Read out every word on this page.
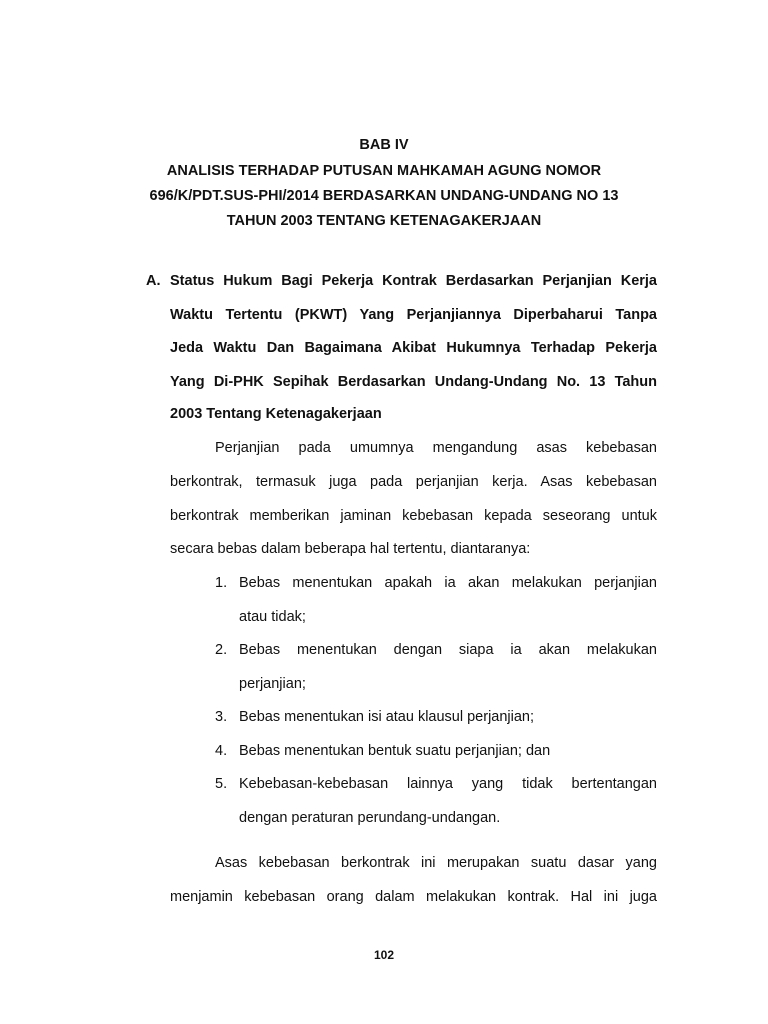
BAB IV
ANALISIS TERHADAP PUTUSAN MAHKAMAH AGUNG NOMOR
696/K/PDT.SUS-PHI/2014 BERDASARKAN UNDANG-UNDANG NO 13
TAHUN 2003 TENTANG KETENAGAKERJAAN
A. Status Hukum Bagi Pekerja Kontrak Berdasarkan Perjanjian Kerja
Waktu Tertentu (PKWT) Yang Perjanjiannya Diperbaharui Tanpa
Jeda Waktu Dan Bagaimana Akibat Hukumnya Terhadap Pekerja
Yang Di-PHK Sepihak Berdasarkan Undang-Undang No. 13 Tahun
2003 Tentang Ketenagakerjaan
Perjanjian pada umumnya mengandung asas kebebasan
berkontrak, termasuk juga pada perjanjian kerja. Asas kebebasan
berkontrak memberikan jaminan kebebasan kepada seseorang untuk
secara bebas dalam beberapa hal tertentu, diantaranya:
1. Bebas menentukan apakah ia akan melakukan perjanjian
atau tidak;
2. Bebas menentukan dengan siapa ia akan melakukan
perjanjian;
3. Bebas menentukan isi atau klausul perjanjian;
4. Bebas menentukan bentuk suatu perjanjian; dan
5. Kebebasan-kebebasan lainnya yang tidak bertentangan
dengan peraturan perundang-undangan.
Asas kebebasan berkontrak ini merupakan suatu dasar yang
menjamin kebebasan orang dalam melakukan kontrak. Hal ini juga
102
